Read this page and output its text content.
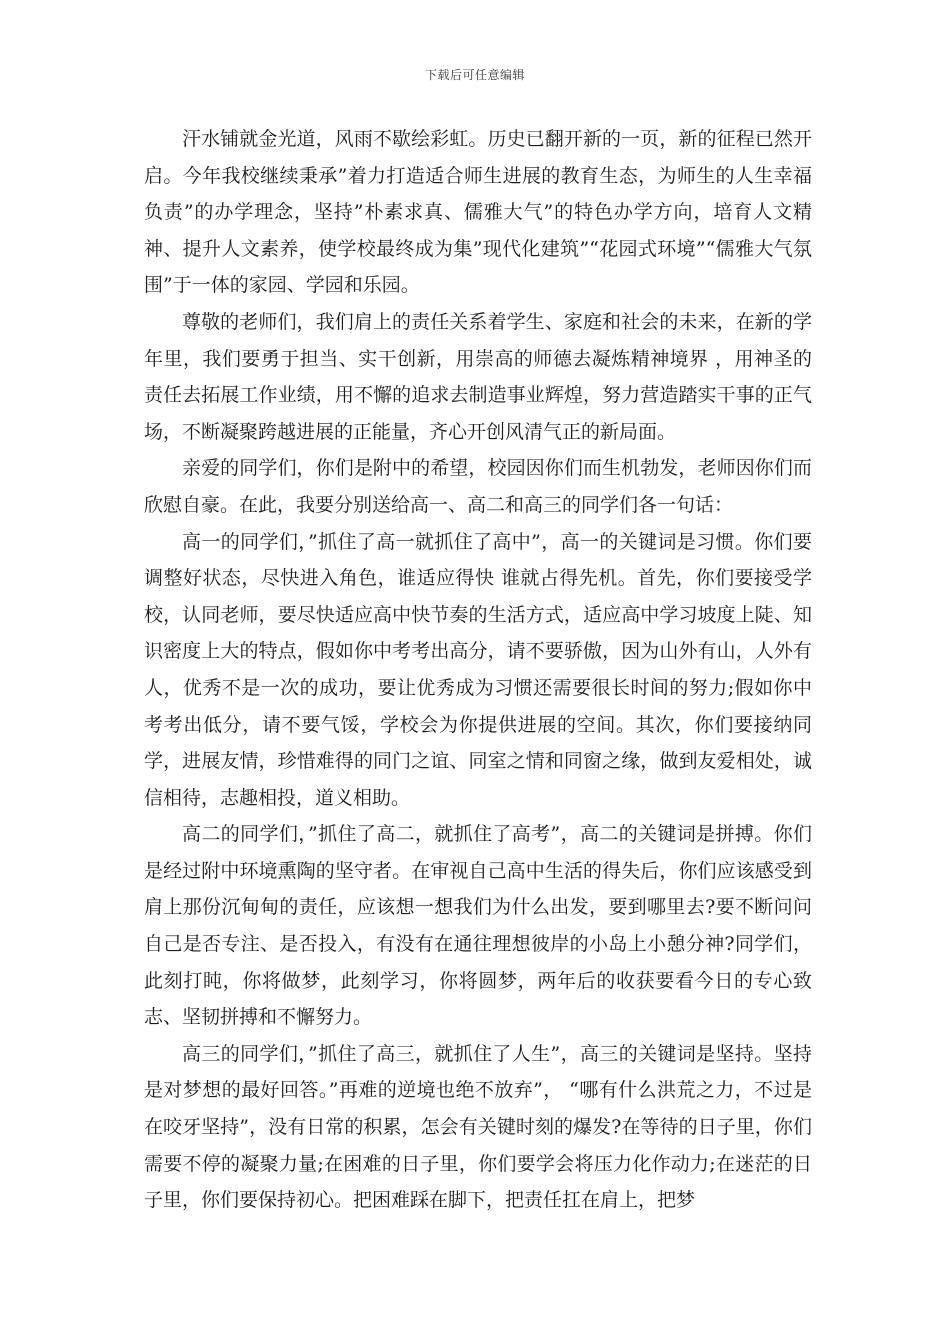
下载后可任意编辑

汗水铺就金光道，风雨不歇绘彩虹。历史已翻开新的一页，新的征程已然开启。今年我校继续秉承”着力打造适合师生进展的教育生态，为师生的人生幸福负责”的办学理念，坚持”朴素求真、儒雅大气”的特色办学方向，培育人文精神、提升人文素养，使学校最终成为集”现代化建筑”“花园式环境”“儒雅大气氛围”于一体的家园、学园和乐园。

尊敬的老师们，我们肩上的责任关系着学生、家庭和社会的未来，在新的学年里，我们要勇于担当、实干创新，用崇高的师德去凝炼精神境界 ，用神圣的责任去拓展工作业绩，用不懈的追求去制造事业辉煌，努力营造踏实干事的正气场，不断凝聚跨越进展的正能量，齐心开创风清气正的新局面。

亲爱的同学们，你们是附中的希望，校园因你们而生机勃发，老师因你们而欣慰自豪。在此，我要分别送给高一、高二和高三的同学们各一句话：

高一的同学们，”抓住了高一就抓住了高中”，高一的关键词是习惯。你们要调整好状态，尽快进入角色，谁适应得快 谁就占得先机。首先，你们要接受学校，认同老师，要尽快适应高中快节奏的生活方式，适应高中学习坡度上陡、知识密度上大的特点，假如你中考考出高分，请不要骄傲，因为山外有山，人外有人，优秀不是一次的成功，要让优秀成为习惯还需要很长时间的努力;假如你中考考出低分，请不要气馁，学校会为你提供进展的空间。其次，你们要接纳同学，进展友情，珍惜难得的同门之谊、同室之情和同窗之缘，做到友爱相处，诚信相待，志趣相投，道义相助。

高二的同学们，”抓住了高二，就抓住了高考”，高二的关键词是拼搏。你们是经过附中环境熏陶的坚守者。在审视自己高中生活的得失后，你们应该感受到肩上那份沉甸甸的责任，应该想一想我们为什么出发，要到哪里去?要不断问问自己是否专注、是否投入，有没有在通往理想彼岸的小岛上小憩分神?同学们，此刻打盹，你将做梦，此刻学习，你将圆梦，两年后的收获要看今日的专心致志、坚韧拼搏和不懈努力。

高三的同学们，”抓住了高三，就抓住了人生”，高三的关键词是坚持。坚持是对梦想的最好回答。”再难的逆境也绝不放弃”， “哪有什么洪荒之力，不过是在咬牙坚持”，没有日常的积累，怎会有关键时刻的爆发?在等待的日子里，你们需要不停的凝聚力量;在困难的日子里，你们要学会将压力化作动力;在迷茫的日子里，你们要保持初心。把困难踩在脚下，把责任扛在肩上，把梦
